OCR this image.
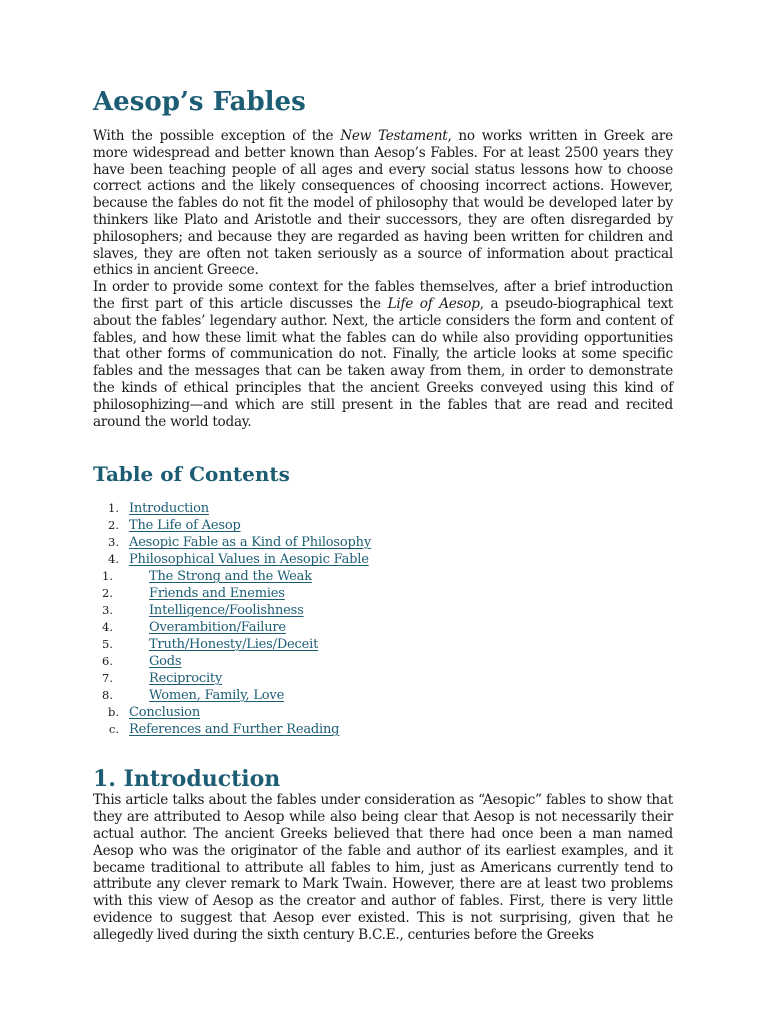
Aesop’s Fables

With the possible exception of the New Testament, no works written in Greek are more widespread and better known than Aesop’s Fables. For at least 2500 years they have been teaching people of all ages and every social status lessons how to choose correct actions and the likely consequences of choosing incorrect actions. However, because the fables do not fit the model of philosophy that would be developed later by thinkers like Plato and Aristotle and their successors, they are often disregarded by philosophers; and because they are regarded as having been written for children and slaves, they are often not taken seriously as a source of information about practical ethics in ancient Greece.

In order to provide some context for the fables themselves, after a brief introduction the first part of this article discusses the Life of Aesop, a pseudo-biographical text about the fables’ legendary author. Next, the article considers the form and content of fables, and how these limit what the fables can do while also providing opportunities that other forms of communication do not. Finally, the article looks at some specific fables and the messages that can be taken away from them, in order to demonstrate the kinds of ethical principles that the ancient Greeks conveyed using this kind of philosophizing—and which are still present in the fables that are read and recited around the world today.

Table of Contents
1. Introduction
2. The Life of Aesop
3. Aesopic Fable as a Kind of Philosophy
4. Philosophical Values in Aesopic Fable
1.	The Strong and the Weak
2.	Friends and Enemies
3.	Intelligence/Foolishness
4.	Overambition/Failure
5.	Truth/Honesty/Lies/Deceit
6.	Gods
7.	Reciprocity
8.	Women, Family, Love
b. Conclusion
c. References and Further Reading
1. Introduction

This article talks about the fables under consideration as “Aesopic” fables to show that they are attributed to Aesop while also being clear that Aesop is not necessarily their actual author. The ancient Greeks believed that there had once been a man named Aesop who was the originator of the fable and author of its earliest examples, and it became traditional to attribute all fables to him, just as Americans currently tend to attribute any clever remark to Mark Twain. However, there are at least two problems with this view of Aesop as the creator and author of fables. First, there is very little evidence to suggest that Aesop ever existed. This is not surprising, given that he allegedly lived during the sixth century B.C.E., centuries before the Greeks
